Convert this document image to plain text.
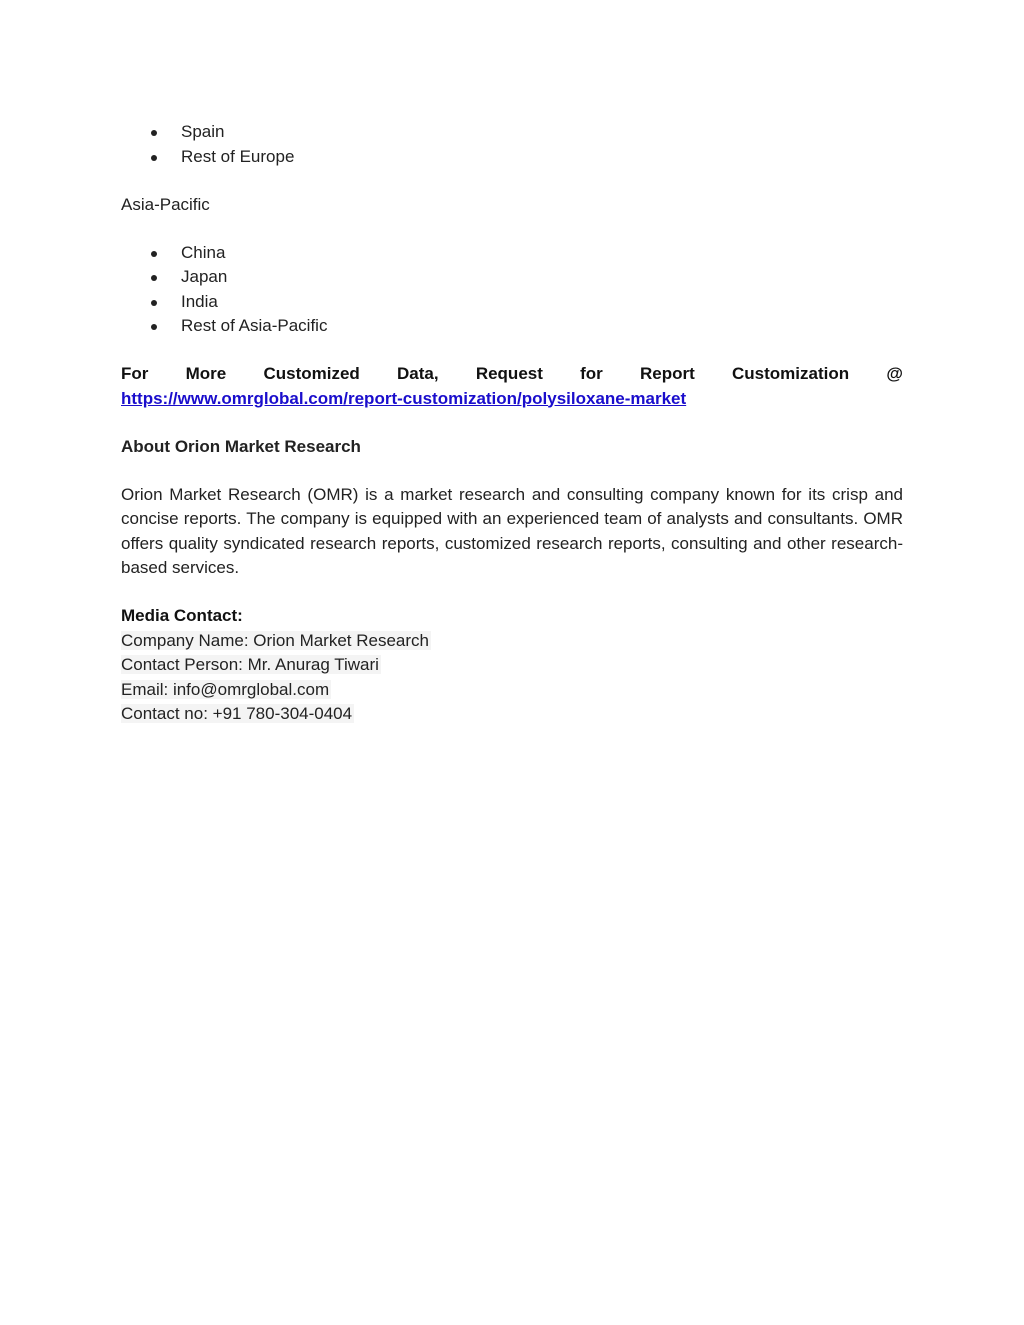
Spain
Rest of Europe

Asia-Pacific

China
Japan
India
Rest of Asia-Pacific
For More Customized Data, Request for Report Customization @
https://www.omrglobal.com/report-customization/polysiloxane-market

About Orion Market Research

Orion Market Research (OMR) is a market research and consulting company known for its crisp and concise reports. The company is equipped with an experienced team of analysts and consultants. OMR offers quality syndicated research reports, customized research reports, consulting and other research-based services.

Media Contact:
Company Name: Orion Market Research
Contact Person: Mr. Anurag Tiwari
Email: info@omrglobal.com
Contact no: +91 780-304-0404
